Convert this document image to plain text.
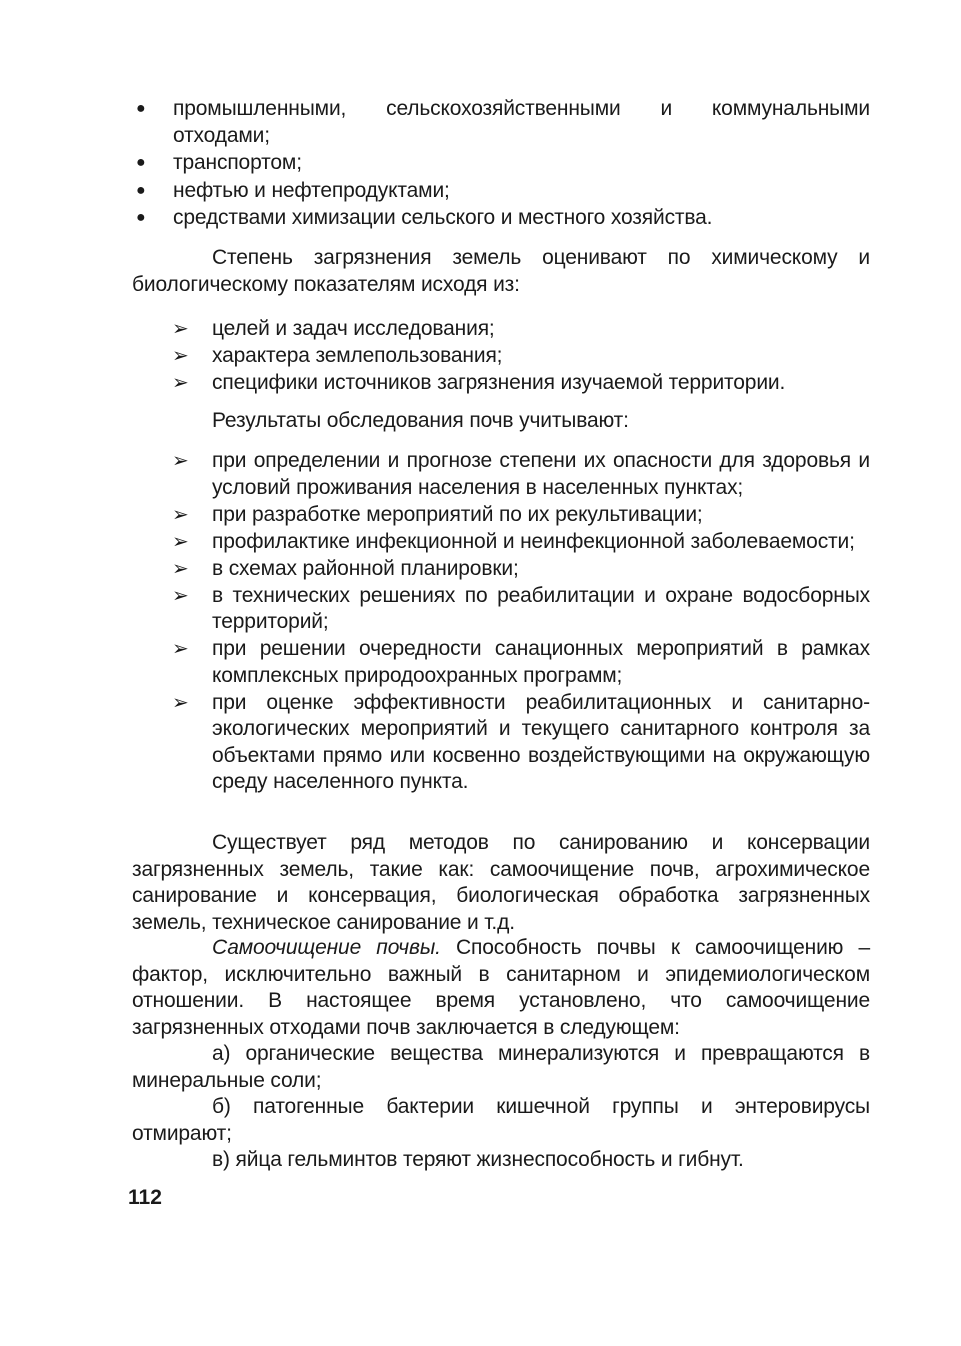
● промышленными, сельскохозяйственными и коммунальными отходами;
● транспортом;
● нефтью и нефтепродуктами;
● средствами химизации сельского и местного хозяйства.

Степень загрязнения земель оценивают по химическому и биологическому показателям исходя из:

➢ целей и задач исследования;
➢ характера землепользования;
➢ специфики источников загрязнения изучаемой территории.

Результаты обследования почв учитывают:

➢ при определении и прогнозе степени их опасности для здоровья и условий проживания населения в населенных пунктах;
➢ при разработке мероприятий по их рекультивации;
➢ профилактике инфекционной и неинфекционной заболеваемости;
➢ в схемах районной планировки;
➢ в технических решениях по реабилитации и охране водосборных территорий;
➢ при решении очередности санационных мероприятий в рамках комплексных природоохранных программ;
➢ при оценке эффективности реабилитационных и санитарно-экологических мероприятий и текущего санитарного контроля за объектами прямо или косвенно воздействующими на окружающую среду населенного пункта.

Существует ряд методов по санированию и консервации загрязненных земель, такие как: самоочищение почв, агрохимическое санирование и консервация, биологическая обработка загрязненных земель, техническое санирование и т.д.

Самоочищение почвы. Способность почвы к самоочищению – фактор, исключительно важный в санитарном и эпидемиологическом отношении. В настоящее время установлено, что самоочищение загрязненных отходами почв заключается в следующем:

а) органические вещества минерализуются и превращаются в минеральные соли;

б) патогенные бактерии кишечной группы и энтеровирусы отмирают;

в) яйца гельминтов теряют жизнеспособность и гибнут.

112
